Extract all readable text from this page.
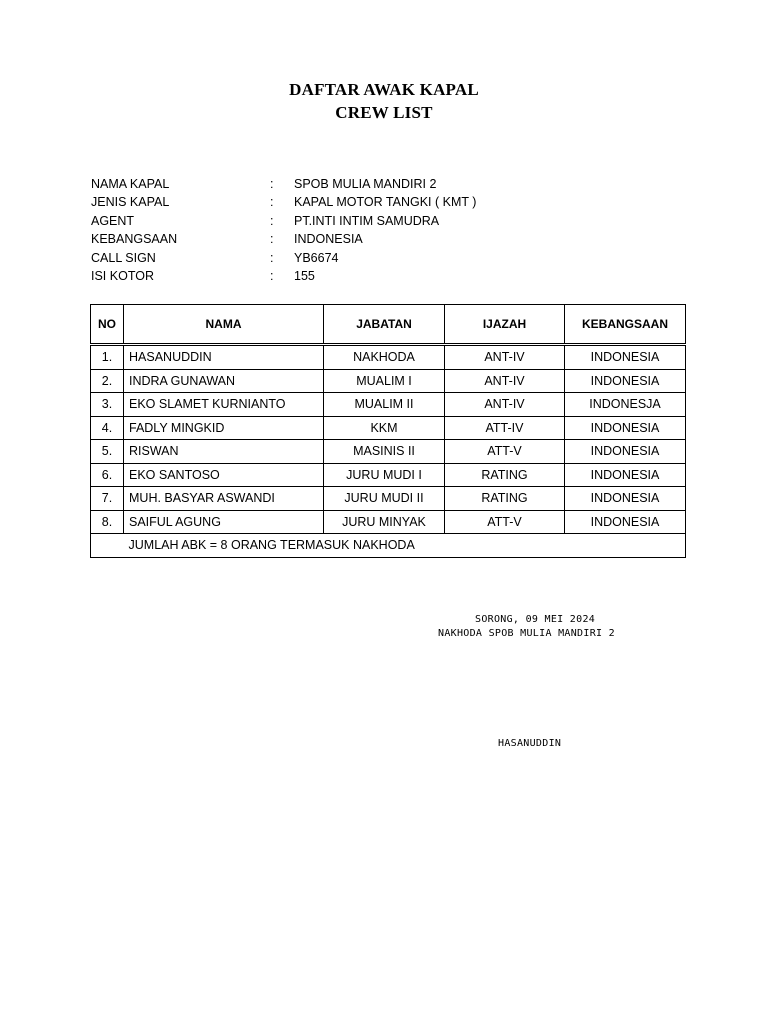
DAFTAR AWAK KAPAL
CREW LIST
NAMA KAPAL	: SPOB MULIA MANDIRI 2
JENIS KAPAL	: KAPAL MOTOR TANGKI ( KMT )
AGENT	: PT.INTI INTIM SAMUDRA
KEBANGSAAN	: INDONESIA
CALL SIGN	: YB6674
ISI KOTOR	: 155
NO	NAMA	JABATAN	IJAZAH	KEBANGSAAN
1.	HASANUDDIN	NAKHODA	ANT-IV	INDONESIA
2.	INDRA GUNAWAN	MUALIM I	ANT-IV	INDONESIA
3.	EKO SLAMET KURNIANTO	MUALIM II	ANT-IV	INDONESJA
4.	FADLY MINGKID	KKM	ATT-IV	INDONESIA
5.	RISWAN	MASINIS II	ATT-V	INDONESIA
6.	EKO SANTOSO	JURU MUDI I	RATING	INDONESIA
7.	MUH. BASYAR ASWANDI	JURU MUDI II	RATING	INDONESIA
8.	SAIFUL AGUNG	JURU MINYAK	ATT-V	INDONESIA
	JUMLAH ABK = 8 ORANG TERMASUK NAKHODA			
SORONG, 09 MEI 2024
NAKHODA SPOB MULIA MANDIRI 2
HASANUDDIN
